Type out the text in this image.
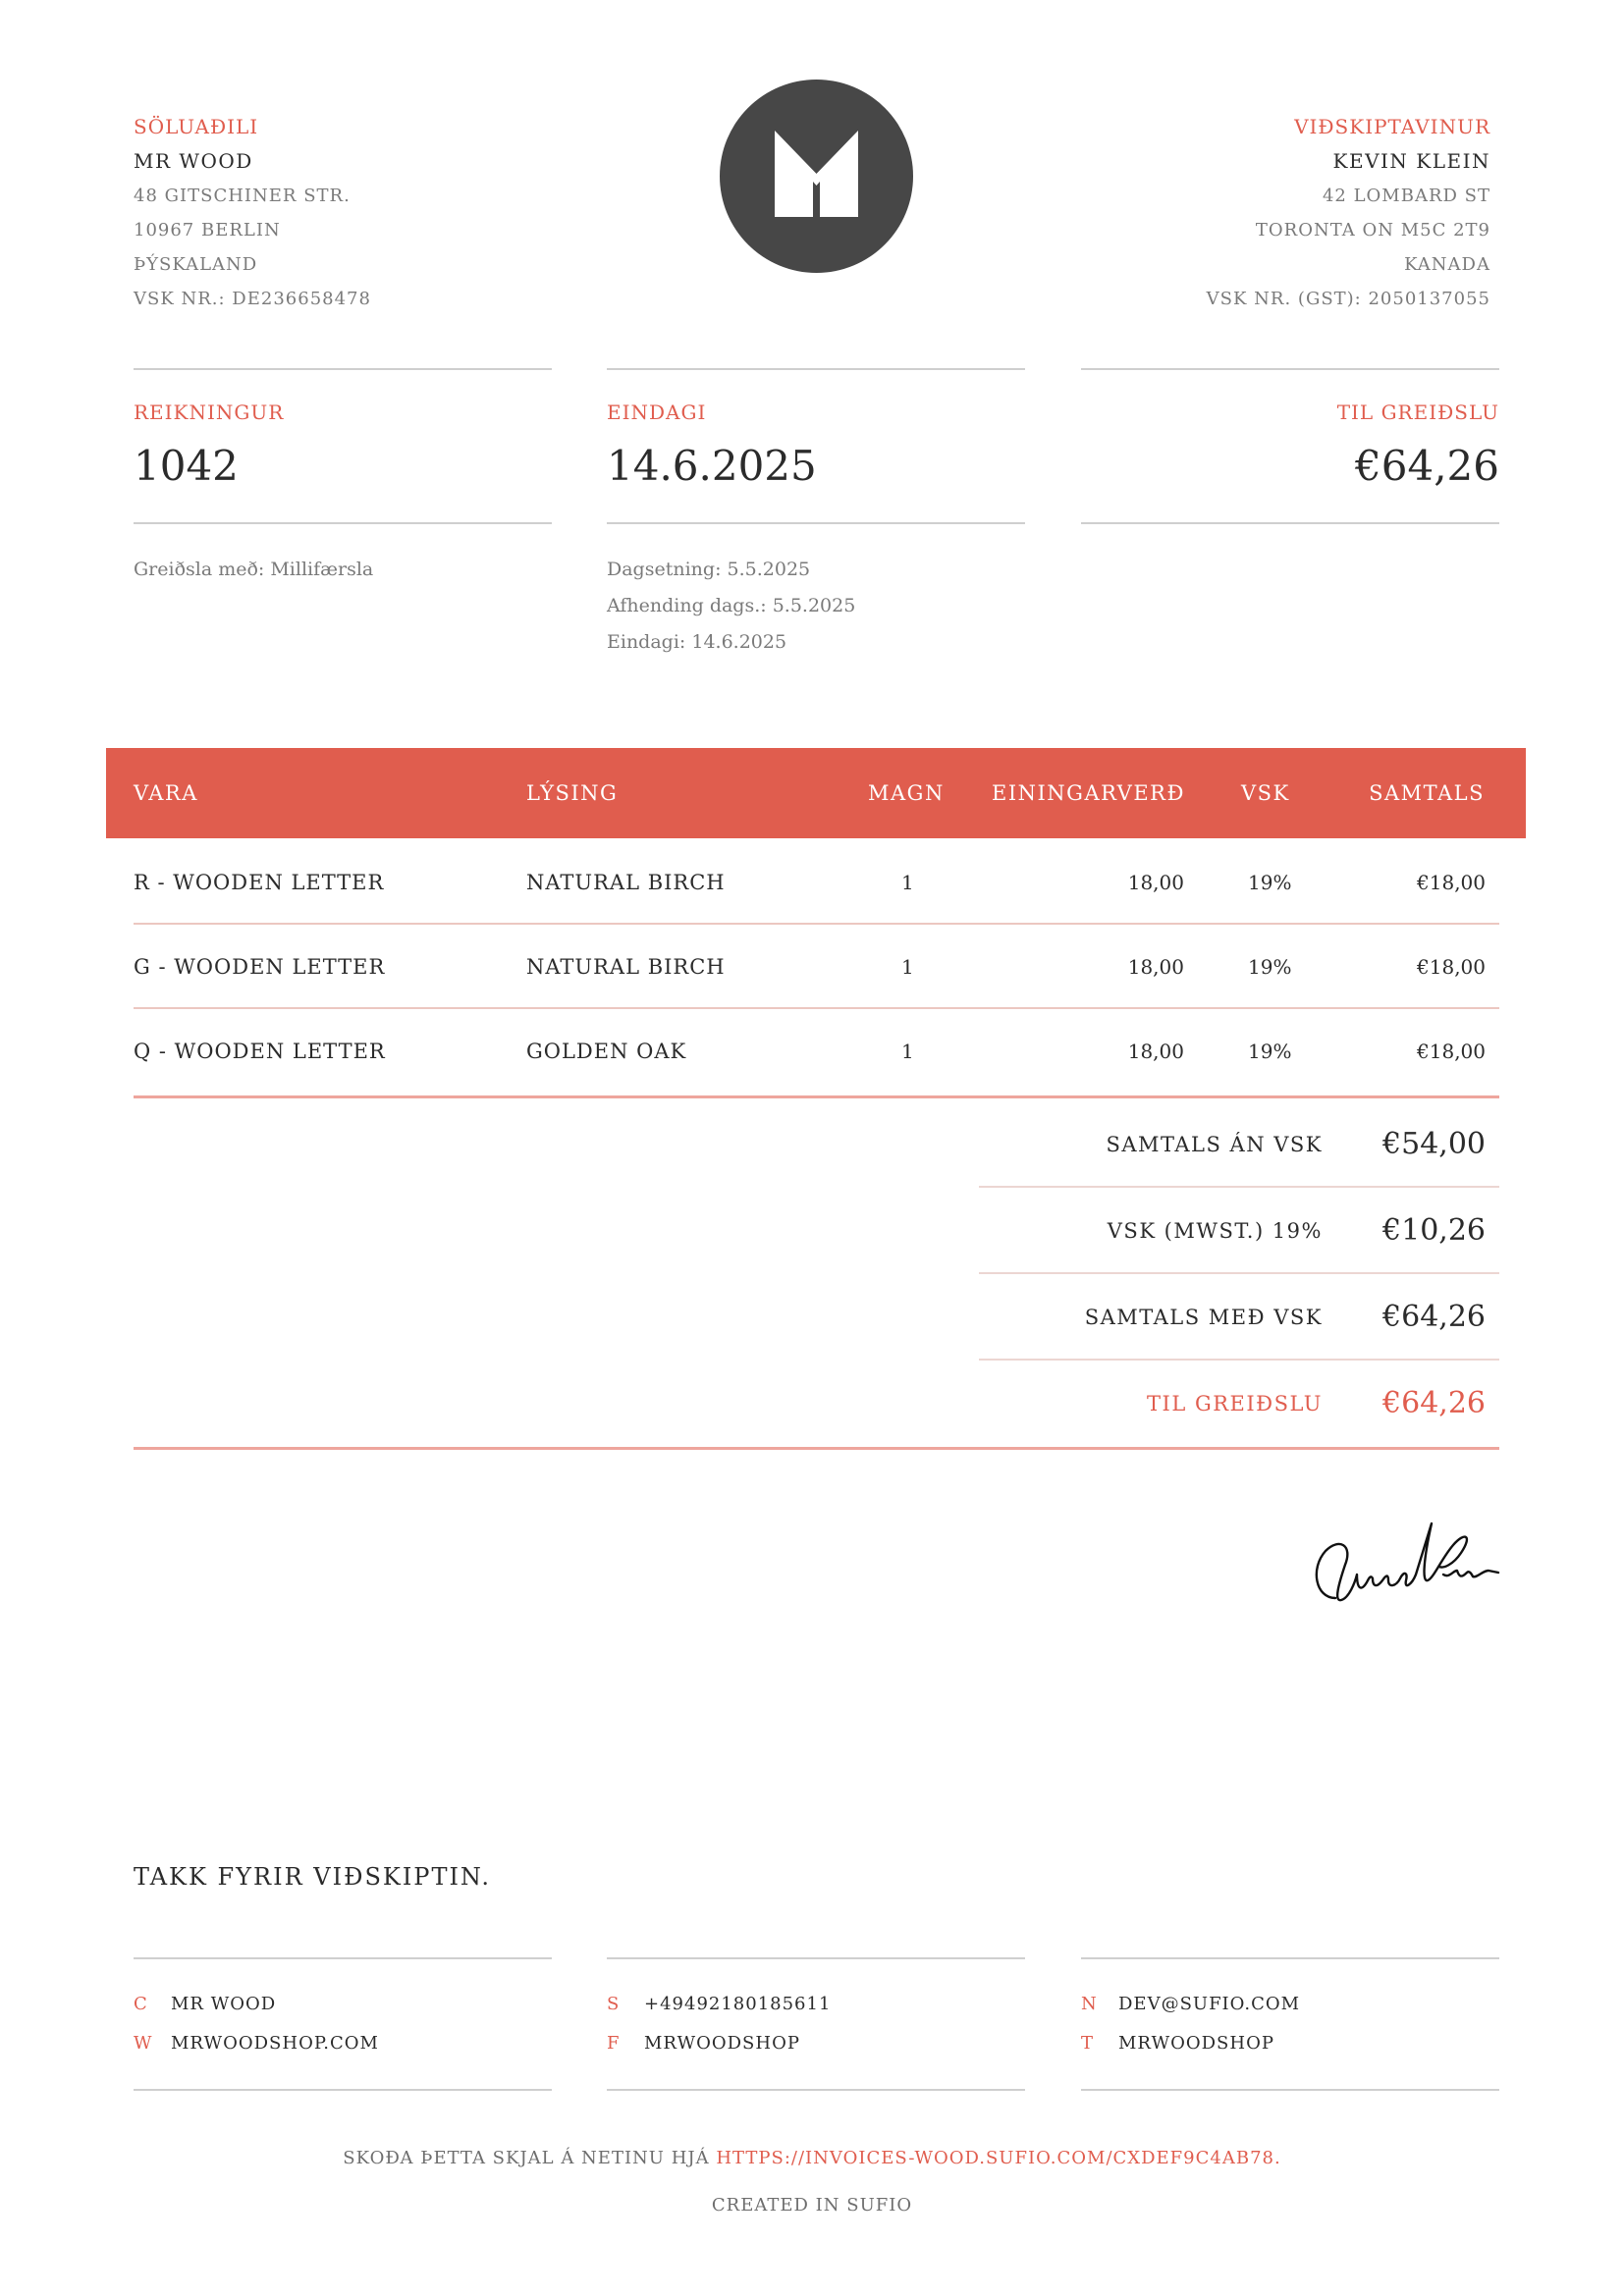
SÖLUAÐILI
MR WOOD
48 GITSCHINER STR.
10967 BERLIN
ÞÝSKALAND
VSK NR.: DE236658478
VIÐSKIPTAVINUR
KEVIN KLEIN
42 LOMBARD ST
TORONTA ON M5C 2T9
KANADA
VSK NR. (GST): 2050137055
REIKNINGUR
1042
EINDAGI
14.6.2025
TIL GREIÐSLU
€64,26
Greiðsla með: Millifærsla	Dagsetning: 5.5.2025
Afhending dags.: 5.5.2025
Eindagi: 14.6.2025
VARA	LÝSING	MAGN EININGARVERÐ	VSK	SAMTALS
R - WOODEN LETTER	NATURAL BIRCH	1	18,00	19%	€18,00
G - WOODEN LETTER	NATURAL BIRCH	1	18,00	19%	€18,00
Q - WOODEN LETTER	GOLDEN OAK	1	18,00	19%	€18,00
SAMTALS ÁN VSK €54,00
VSK (MWST.) 19% €10,26
SAMTALS MEÐ VSK €64,26
TIL GREIÐSLU €64,26
TAKK FYRIR VIÐSKIPTIN.
C MR WOOD
W MRWOODSHOP.COM
S +4949218018561​1
F MRWOODSHOP
N DEV@SUFIO.COM
T MRWOODSHOP
SKOÐA ÞETTA SKJAL Á NETINU HJÁ HTTPS://INVOICES-WOOD.SUFIO.COM/CXDEF9C4AB78.
CREATED IN SUFIO
